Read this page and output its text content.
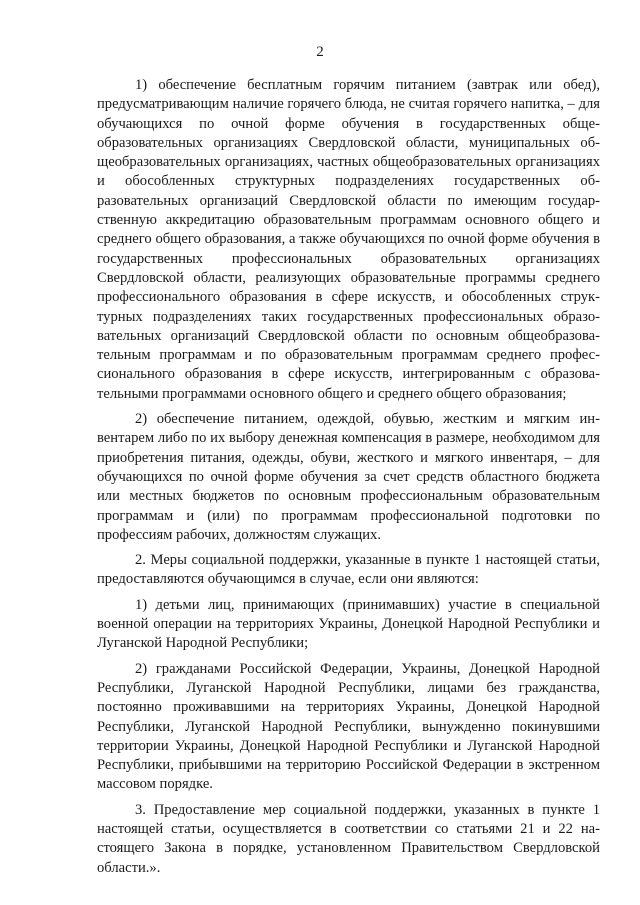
2

1) обеспечение бесплатным горячим питанием (завтрак или обед), предусматривающим наличие горячего блюда, не считая горячего напитка, – для обучающихся по очной форме обучения в государственных общеобразовательных организациях Свердловской области, муниципальных общеобразовательных организациях, частных общеобразовательных организациях и обособленных структурных подразделениях государственных образовательных организаций Свердловской области по имеющим государственную аккредитацию образовательным программам основного общего и среднего общего образования, а также обучающихся по очной форме обучения в государственных профессиональных образовательных организациях Свердловской области, реализующих образовательные программы среднего профессионального образования в сфере искусств, и обособленных структурных подразделениях таких государственных профессиональных образовательных организаций Свердловской области по основным общеобразовательным программам и по образовательным программам среднего профессионального образования в сфере искусств, интегрированным с образовательными программами основного общего и среднего общего образования;

2) обеспечение питанием, одеждой, обувью, жестким и мягким инвентарем либо по их выбору денежная компенсация в размере, необходимом для приобретения питания, одежды, обуви, жесткого и мягкого инвентаря, – для обучающихся по очной форме обучения за счет средств областного бюджета или местных бюджетов по основным профессиональным образовательным программам и (или) по программам профессиональной подготовки по профессиям рабочих, должностям служащих.

2. Меры социальной поддержки, указанные в пункте 1 настоящей статьи, предоставляются обучающимся в случае, если они являются:

1) детьми лиц, принимающих (принимавших) участие в специальной военной операции на территориях Украины, Донецкой Народной Республики и Луганской Народной Республики;

2) гражданами Российской Федерации, Украины, Донецкой Народной Республики, Луганской Народной Республики, лицами без гражданства, постоянно проживавшими на территориях Украины, Донецкой Народной Республики, Луганской Народной Республики, вынужденно покинувшими территории Украины, Донецкой Народной Республики и Луганской Народной Республики, прибывшими на территорию Российской Федерации в экстренном массовом порядке.

3. Предоставление мер социальной поддержки, указанных в пункте 1 настоящей статьи, осуществляется в соответствии со статьями 21 и 22 настоящего Закона в порядке, установленном Правительством Свердловской области.».
